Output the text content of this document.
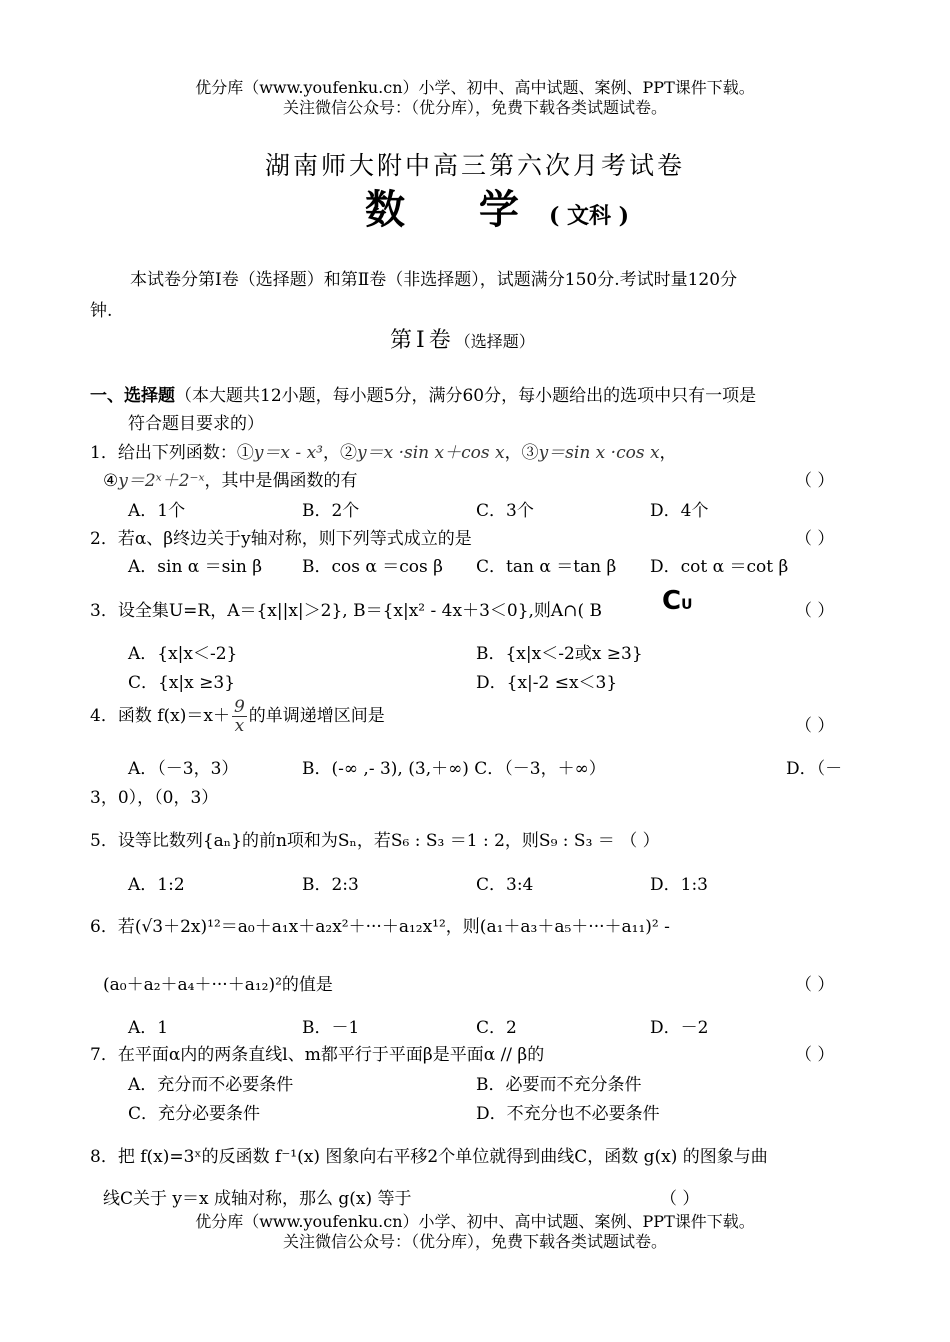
优分库（www.youfenku.cn）小学、初中、高中试题、案例、PPT课件下载。
关注微信公众号：（优分库），免费下载各类试题试卷。
湖南师大附中高三第六次月考试卷
数 学( 文科 )
本试卷分第Ⅰ卷（选择题）和第Ⅱ卷（非选择题），试题满分150分.考试时量120分
钟.
第Ⅰ卷（选择题）
一、选择题（本大题共12小题，每小题5分，满分60分，每小题给出的选项中只有一项是
符合题目要求的）
1．给出下列函数：①y＝x - x³，②y＝x ·sin x＋cos x，③y＝sin x ·cos x，
④y＝2ˣ＋2⁻ˣ，其中是偶函数的有	（ ）
A．1个	B．2个	C．3个	D．4个
2．若α、β终边关于y轴对称，则下列等式成立的是	（ ）
A．sin α ＝sin β B．cos α ＝cos β C．tan α ＝tan β D．cot α ＝cot β
3．设全集U=R，A＝{x||x|＞2}, B＝{x|x² - 4x＋3＜0},则A∩( B CU	（ ）
A．{x|x＜-2}	B．{x|x＜-2或x ≥3}
C．{x|x ≥3}	D．{x|-2 ≤x＜3}
4．函数 $f(x)=x+ \frac{9}{x}$ 的单调递增区间是	（ ）
A．（－3，3）	B．(-∞ ,- 3), (3,＋∞) C．（－3，＋∞）	D．（－
3，0），（0，3）
5．设等比数列{aₙ}的前n项和为Sₙ，若S₆ : S₃ ＝1 : 2，则S₉ : S₃ ＝ （ ）
A．1:2	B．2:3	C．3:4	D．1:3
6．若(√3＋2x)¹²＝a₀＋a₁x＋a₂x²＋···＋a₁₂x¹²，则(a₁＋a₃＋a₅＋···＋a₁₁)² -
(a₀＋a₂＋a₄＋···＋a₁₂)²的值是	（ ）
A．1	B．－1	C．2	D．－2
7．在平面α内的两条直线l、m都平行于平面β是平面α // β的	（ ）
A．充分而不必要条件	B．必要而不充分条件
C．充分必要条件	D．不充分也不必要条件
8．把 f(x)=3ˣ的反函数 f⁻¹(x) 图象向右平移2个单位就得到曲线C，函数 g(x) 的图象与曲
线C关于 y＝x 成轴对称，那么 g(x) 等于	（ ）
优分库（www.youfenku.cn）小学、初中、高中试题、案例、PPT课件下载。
关注微信公众号：（优分库），免费下载各类试题试卷。
